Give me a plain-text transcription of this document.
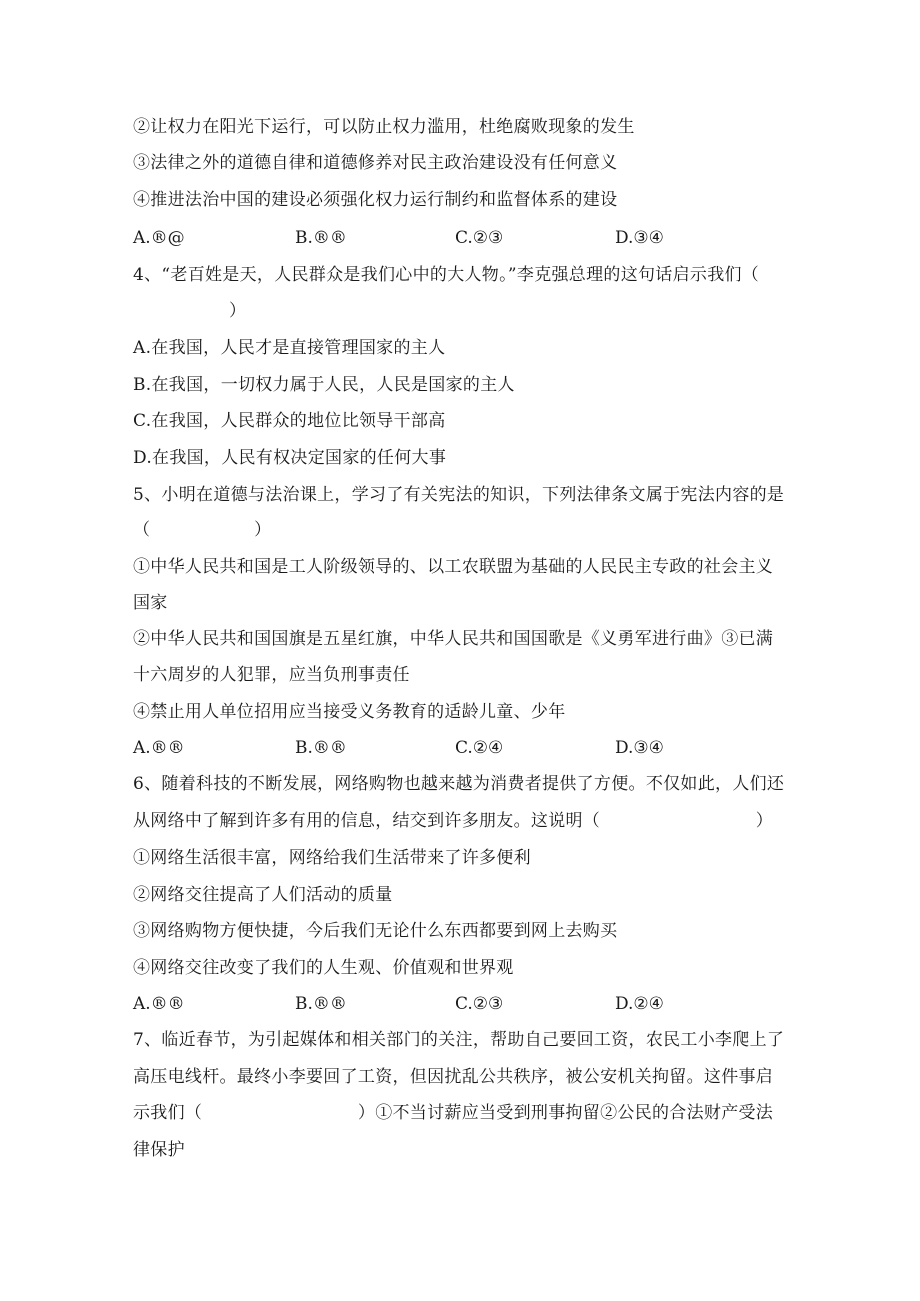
②让权力在阳光下运行，可以防止权力滥用，杜绝腐败现象的发生
③法律之外的道德自律和道德修养对民主政治建设没有任何意义
④推进法治中国的建设必须强化权力运行制约和监督体系的建设
A.®@	B.®®	C.②③	D.③④
4、“老百姓是天，人民群众是我们心中的大人物。”李克强总理的这句话启示我们（
）
A.在我国，人民才是直接管理国家的主人
B.在我国，一切权力属于人民，人民是国家的主人
C.在我国，人民群众的地位比领导干部高
D.在我国，人民有权决定国家的任何大事
5、小明在道德与法治课上，学习了有关宪法的知识，下列法律条文属于宪法内容的是
（　　　　　　）
①中华人民共和国是工人阶级领导的、以工农联盟为基础的人民民主专政的社会主义
国家
②中华人民共和国国旗是五星红旗，中华人民共和国国歌是《义勇军进行曲》③已满
十六周岁的人犯罪，应当负刑事责任
④禁止用人单位招用应当接受义务教育的适龄儿童、少年
A.®®	B.®®	C.②④	D.③④
6、随着科技的不断发展，网络购物也越来越为消费者提供了方便。不仅如此，人们还
从网络中了解到许多有用的信息，结交到许多朋友。这说明（　　　　　　　　　）
①网络生活很丰富，网络给我们生活带来了许多便利
②网络交往提高了人们活动的质量
③网络购物方便快捷，今后我们无论什么东西都要到网上去购买
④网络交往改变了我们的人生观、价值观和世界观
A.®®	B.®®	C.②③	D.②④
7、临近春节，为引起媒体和相关部门的关注，帮助自己要回工资，农民工小李爬上了
高压电线杆。最终小李要回了工资，但因扰乱公共秩序，被公安机关拘留。这件事启
示我们（　　　　　　　　　）①不当讨薪应当受到刑事拘留②公民的合法财产受法
律保护
